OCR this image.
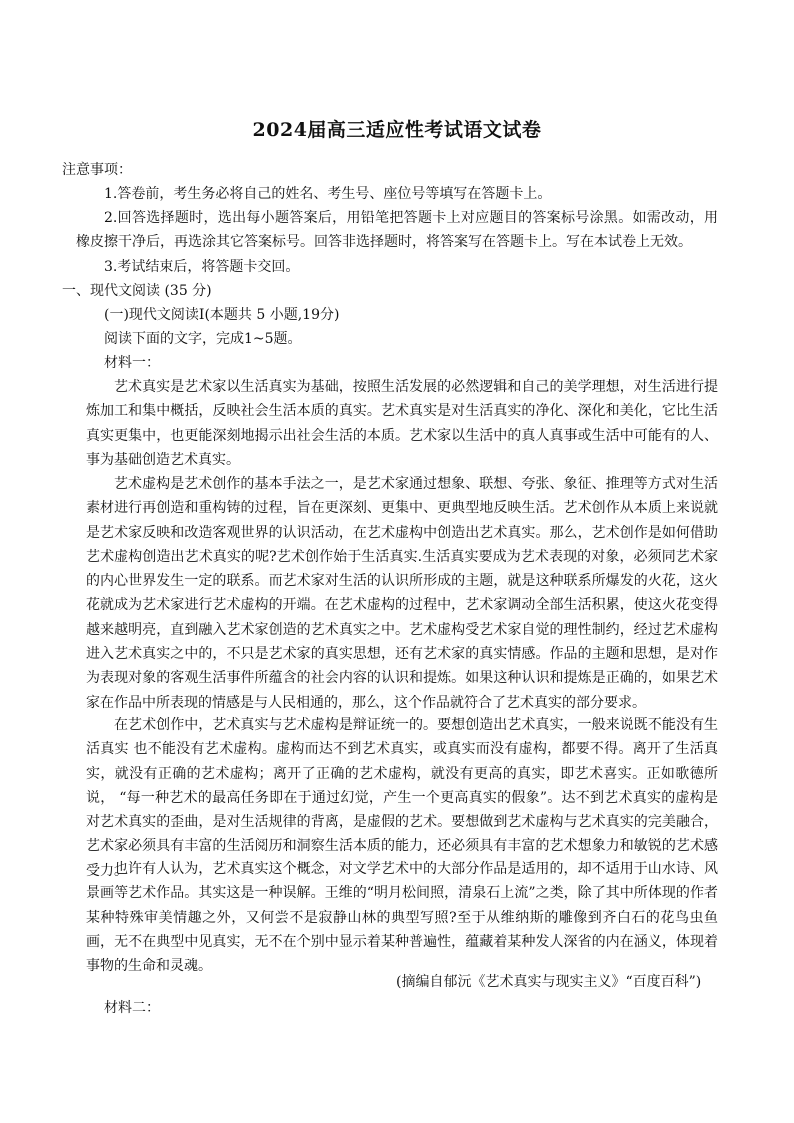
2024届高三适应性考试语文试卷
注意事项：
1.答卷前，考生务必将自己的姓名、考生号、座位号等填写在答题卡上。
2.回答选择题时，选出每小题答案后，用铅笔把答题卡上对应题目的答案标号涂黑。如需改动，用橡皮擦干净后，再选涂其它答案标号。回答非选择题时，将答案写在答题卡上。写在本试卷上无效。
3.考试结束后，将答题卡交回。
一、现代文阅读 (35 分)
(一)现代文阅读Ⅰ(本题共 5 小题,19分)
阅读下面的文字，完成1~5题。
材料一：
艺术真实是艺术家以生活真实为基础，按照生活发展的必然逻辑和自己的美学理想，对生活进行提炼加工和集中概括，反映社会生活本质的真实。艺术真实是对生活真实的净化、深化和美化，它比生活真实更集中，也更能深刻地揭示出社会生活的本质。艺术家以生活中的真人真事或生活中可能有的人、事为基础创造艺术真实。
艺术虚构是艺术创作的基本手法之一，是艺术家通过想象、联想、夸张、象征、推理等方式对生活素材进行再创造和重构铸的过程，旨在更深刻、更集中、更典型地反映生活。艺术创作从本质上来说就是艺术家反映和改造客观世界的认识活动，在艺术虚构中创造出艺术真实。那么，艺术创作是如何借助艺术虚构创造出艺术真实的呢?艺术创作始于生活真实.生活真实要成为艺术表现的对象，必须同艺术家的内心世界发生一定的联系。而艺术家对生活的认识所形成的主题，就是这种联系所爆发的火花，这火花就成为艺术家进行艺术虚构的开端。在艺术虚构的过程中，艺术家调动全部生活积累，使这火花变得越来越明亮，直到融入艺术家创造的艺术真实之中。艺术虚构受艺术家自觉的理性制约，经过艺术虚构进入艺术真实之中的，不只是艺术家的真实思想，还有艺术家的真实情感。作品的主题和思想，是对作为表现对象的客观生活事件所蕴含的社会内容的认识和提炼。如果这种认识和提炼是正确的，如果艺术家在作品中所表现的情感是与人民相通的，那么，这个作品就符合了艺术真实的部分要求。
在艺术创作中，艺术真实与艺术虚构是辩证统一的。要想创造出艺术真实，一般来说既不能没有生活真实 也不能没有艺术虚构。虚构而达不到艺术真实，或真实而没有虚构，都要不得。离开了生活真实，就没有正确的艺术虚构；离开了正确的艺术虚构，就没有更高的真实，即艺术喜实。正如歌德所说， “每一种艺术的最高任务即在于通过幻觉，产生一个更高真实的假象”。达不到艺术真实的虚构是对艺术真实的歪曲，是对生活规律的背离，是虚假的艺术。要想做到艺术虚构与艺术真实的完美融合，艺术家必须具有丰富的生活阅历和洞察生活本质的能力，还必须具有丰富的艺术想象力和敏锐的艺术感受力。
也许有人认为，艺术真实这个概念，对文学艺术中的大部分作品是适用的，却不适用于山水诗、风景画等艺术作品。其实这是一种误解。王维的“明月松间照，清泉石上流”之类，除了其中所体现的作者某种特殊审美情趣之外，又何尝不是寂静山林的典型写照?至于从维纳斯的雕像到齐白石的花鸟虫鱼画，无不在典型中见真实，无不在个别中显示着某种普遍性，蕴藏着某种发人深省的内在涵义，体现着事物的生命和灵魂。
(摘编自郁沅《艺术真实与现实主义》“百度百科”)
材料二：
